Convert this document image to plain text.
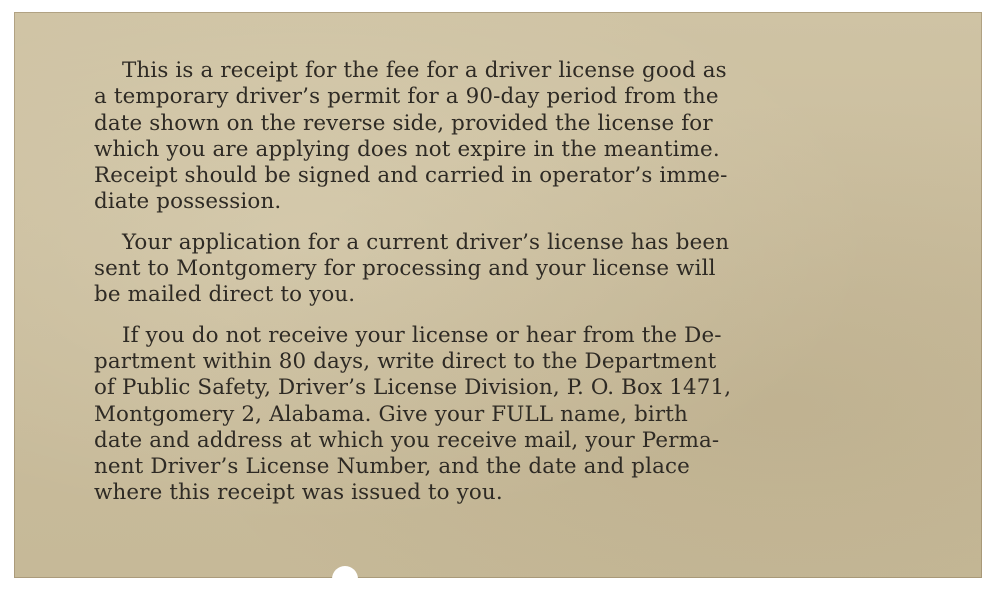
This is a receipt for the fee for a driver license good as
a temporary driver’s permit for a 90-day period from the
date shown on the reverse side, provided the license for
which you are applying does not expire in the meantime.
Receipt should be signed and carried in operator’s imme-
diate possession.

Your application for a current driver’s license has been
sent to Montgomery for processing and your license will
be mailed direct to you.

If you do not receive your license or hear from the De-
partment within 80 days, write direct to the Department
of Public Safety, Driver’s License Division, P. O. Box 1471,
Montgomery 2, Alabama. Give your FULL name, birth
date and address at which you receive mail, your Perma-
nent Driver’s License Number, and the date and place
where this receipt was issued to you.
